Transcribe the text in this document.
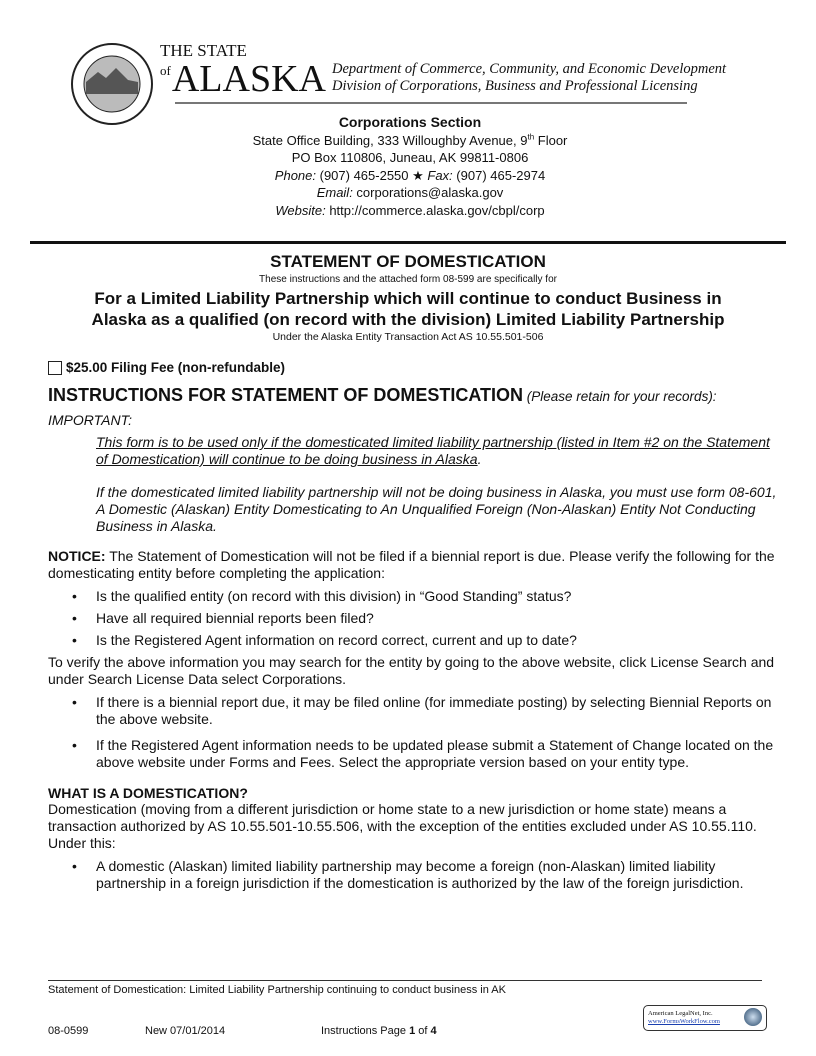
THE STATE
of ALASKA Department of Commerce, Community, and Economic Development
Division of Corporations, Business and Professional Licensing
Corporations Section
State Office Building, 333 Willoughby Avenue, 9th Floor
PO Box 110806, Juneau, AK 99811-0806
Phone: (907) 465-2550 ★ Fax: (907) 465-2974
Email: corporations@alaska.gov
Website: http://commerce.alaska.gov/cbpl/corp
STATEMENT OF DOMESTICATION
These instructions and the attached form 08-599 are specifically for
For a Limited Liability Partnership which will continue to conduct Business in
Alaska as a qualified (on record with the division) Limited Liability Partnership
Under the Alaska Entity Transaction Act AS 10.55.501-506
$25.00 Filing Fee (non-refundable)

INSTRUCTIONS FOR STATEMENT OF DOMESTICATION (Please retain for your records):

IMPORTANT:

This form is to be used only if the domesticated limited liability partnership (listed in Item #2 on the Statement of Domestication) will continue to be doing business in Alaska.

If the domesticated limited liability partnership will not be doing business in Alaska, you must use form 08-601, A Domestic (Alaskan) Entity Domesticating to An Unqualified Foreign (Non-Alaskan) Entity Not Conducting Business in Alaska.

NOTICE: The Statement of Domestication will not be filed if a biennial report is due. Please verify the following for the domesticating entity before completing the application:

• Is the qualified entity (on record with this division) in “Good Standing” status?
• Have all required biennial reports been filed?
• Is the Registered Agent information on record correct, current and up to date?

To verify the above information you may search for the entity by going to the above website, click License Search and under Search License Data select Corporations.

• If there is a biennial report due, it may be filed online (for immediate posting) by selecting Biennial Reports on the above website.
• If the Registered Agent information needs to be updated please submit a Statement of Change located on the above website under Forms and Fees. Select the appropriate version based on your entity type.

WHAT IS A DOMESTICATION?

Domestication (moving from a different jurisdiction or home state to a new jurisdiction or home state) means a transaction authorized by AS 10.55.501-10.55.506, with the exception of the entities excluded under AS 10.55.110. Under this:

• A domestic (Alaskan) limited liability partnership may become a foreign (non-Alaskan) limited liability partnership in a foreign jurisdiction if the domestication is authorized by the law of the foreign jurisdiction.
Statement of Domestication: Limited Liability Partnership continuing to conduct business in AK
08-0599	New 07/01/2014	Instructions Page 1 of 4
American LegalNet, Inc.
www.FormsWorkFlow.com
